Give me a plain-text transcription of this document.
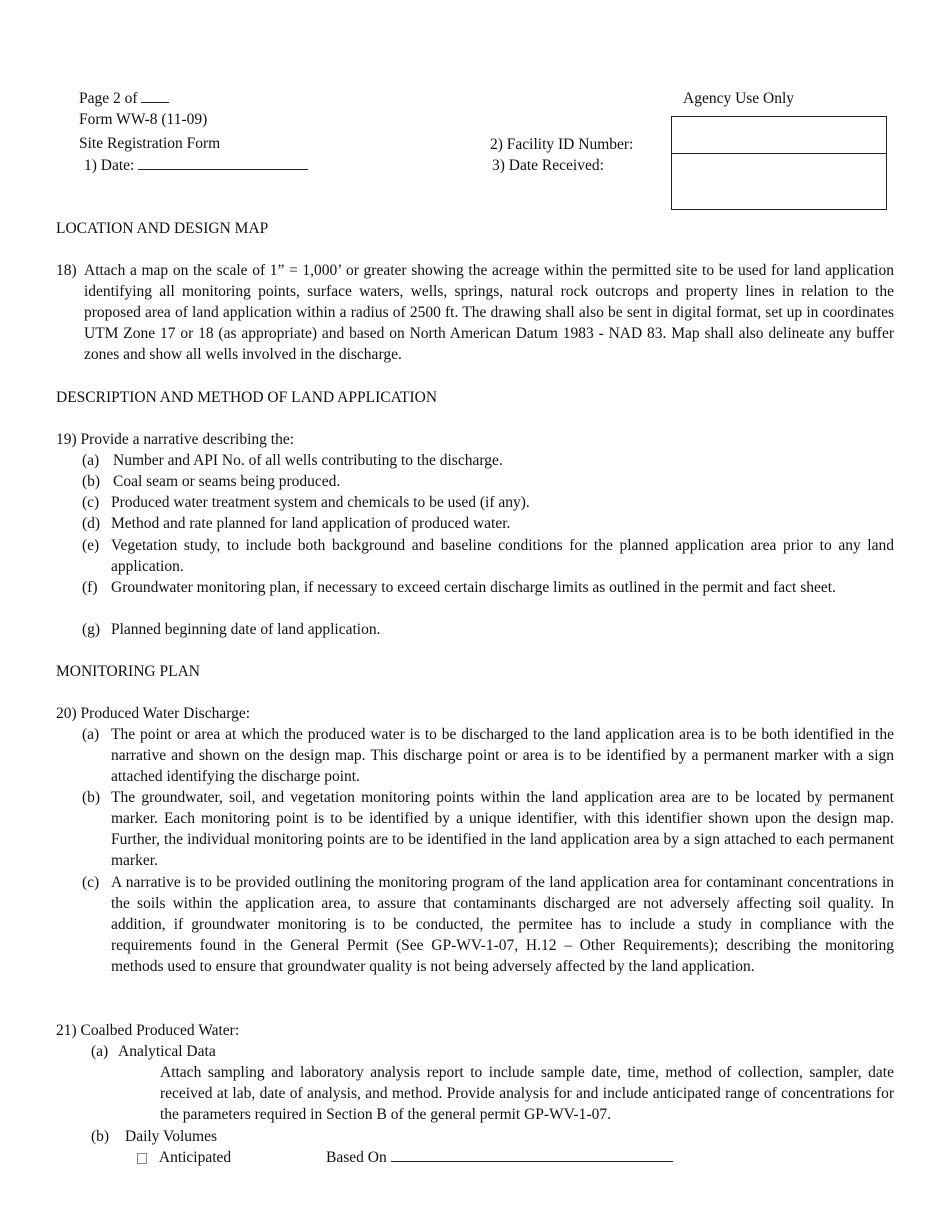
Page 2 of
Form WW-8 (11-09)
Site Registration Form
1) Date:
2) Facility ID Number:
3) Date Received:
Agency Use Only
LOCATION AND DESIGN MAP
18) Attach a map on the scale of 1” = 1,000’ or greater showing the acreage within the permitted site to be used for land application identifying all monitoring points, surface waters, wells, springs, natural rock outcrops and property lines in relation to the proposed area of land application within a radius of 2500 ft. The drawing shall also be sent in digital format, set up in coordinates UTM Zone 17 or 18 (as appropriate) and based on North American Datum 1983 - NAD 83. Map shall also delineate any buffer zones and show all wells involved in the discharge.
DESCRIPTION AND METHOD OF LAND APPLICATION
19) Provide a narrative describing the:
(a) Number and API No. of all wells contributing to the discharge.
(b) Coal seam or seams being produced.
(c) Produced water treatment system and chemicals to be used (if any).
(d) Method and rate planned for land application of produced water.
(e) Vegetation study, to include both background and baseline conditions for the planned application area prior to any land application.
(f) Groundwater monitoring plan, if necessary to exceed certain discharge limits as outlined in the permit and fact sheet.
(g) Planned beginning date of land application.
MONITORING PLAN
20) Produced Water Discharge:
(a) The point or area at which the produced water is to be discharged to the land application area is to be both identified in the narrative and shown on the design map. This discharge point or area is to be identified by a permanent marker with a sign attached identifying the discharge point.
(b) The groundwater, soil, and vegetation monitoring points within the land application area are to be located by permanent marker. Each monitoring point is to be identified by a unique identifier, with this identifier shown upon the design map. Further, the individual monitoring points are to be identified in the land application area by a sign attached to each permanent marker.
(c) A narrative is to be provided outlining the monitoring program of the land application area for contaminant concentrations in the soils within the application area, to assure that contaminants discharged are not adversely affecting soil quality. In addition, if groundwater monitoring is to be conducted, the permitee has to include a study in compliance with the requirements found in the General Permit (See GP-WV-1-07, H.12 – Other Requirements); describing the monitoring methods used to ensure that groundwater quality is not being adversely affected by the land application.
21) Coalbed Produced Water:
(a) Analytical Data
Attach sampling and laboratory analysis report to include sample date, time, method of collection, sampler, date received at lab, date of analysis, and method. Provide analysis for and include anticipated range of concentrations for the parameters required in Section B of the general permit GP-WV-1-07.
(b) Daily Volumes
Anticipated	Based On
